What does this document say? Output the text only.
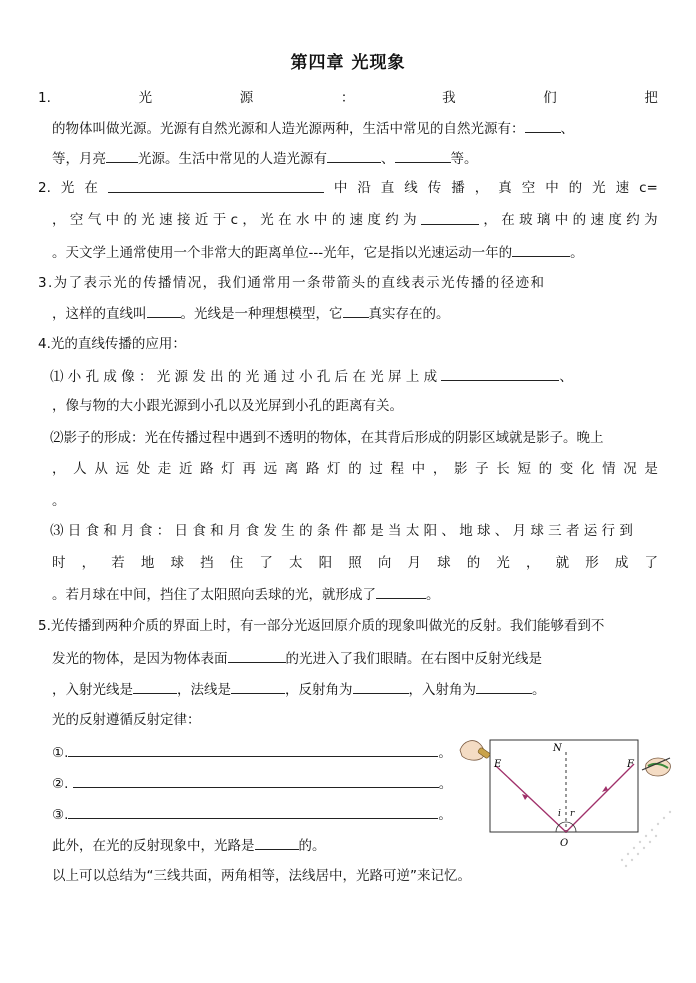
第四章 光现象
1.	光	源	：	我	们	把
的物体叫做光源。光源有自然光源和人造光源两种，生活中常见的自然光源有：	、
等，月亮 光源。生活中常见的人造光源有	、	等。
2. 光 在	中 沿 直 线 传 播 ， 真 空 中 的 光 速 c=
， 空 气 中 的 光 速 接 近 于 c ， 光 在 水 中 的 速 度 约 为	， 在 玻 璃 中 的 速 度 约 为
。天文学上通常使用一个非常大的距离单位---光年，它是指以光速运动一年的	。
3.为了表示光的传播情况，我们通常用一条带箭头的直线表示光传播的径迹和
，这样的直线叫	。光线是一种理想模型，它 真实存在的。
4.光的直线传播的应用：
⑴ 小 孔 成 像 ： 光 源 发 出 的 光 通 过 小 孔 后 在 光 屏 上 成	、
，像与物的大小跟光源到小孔以及光屏到小孔的距离有关。
⑵影子的形成：光在传播过程中遇到不透明的物体，在其背后形成的阴影区域就是影子。晚上
， 人 从 远 处 走 近 路 灯 再 远 离 路 灯 的 过 程 中 ， 影 子 长 短 的 变 化 情 况 是
。
⑶ 日 食 和 月 食 ： 日 食 和 月 食 发 生 的 条 件 都 是 当 太 阳 、 地 球 、 月 球 三 者 运 行 到
时 ， 若 地 球 挡 住 了 太 阳 照 向 月 球 的 光 ， 就 形 成 了
。若月球在中间，挡住了太阳照向丢球的光，就形成了	。
5.光传播到两种介质的界面上时，有一部分光返回原介质的现象叫做光的反射。我们能够看到不
发光的物体，是因为物体表面	的光进入了我们眼睛。在右图中反射光线是
，入射光线是	，法线是	，反射角为	，入射角为	。
光的反射遵循反射定律：
①.	。
②.	。
③.	。
此外，在光的反射现象中，光路是	的。
以上可以总结为“三线共面，两角相等，法线居中，光路可逆”来记忆。
N
E	F
i r
O
